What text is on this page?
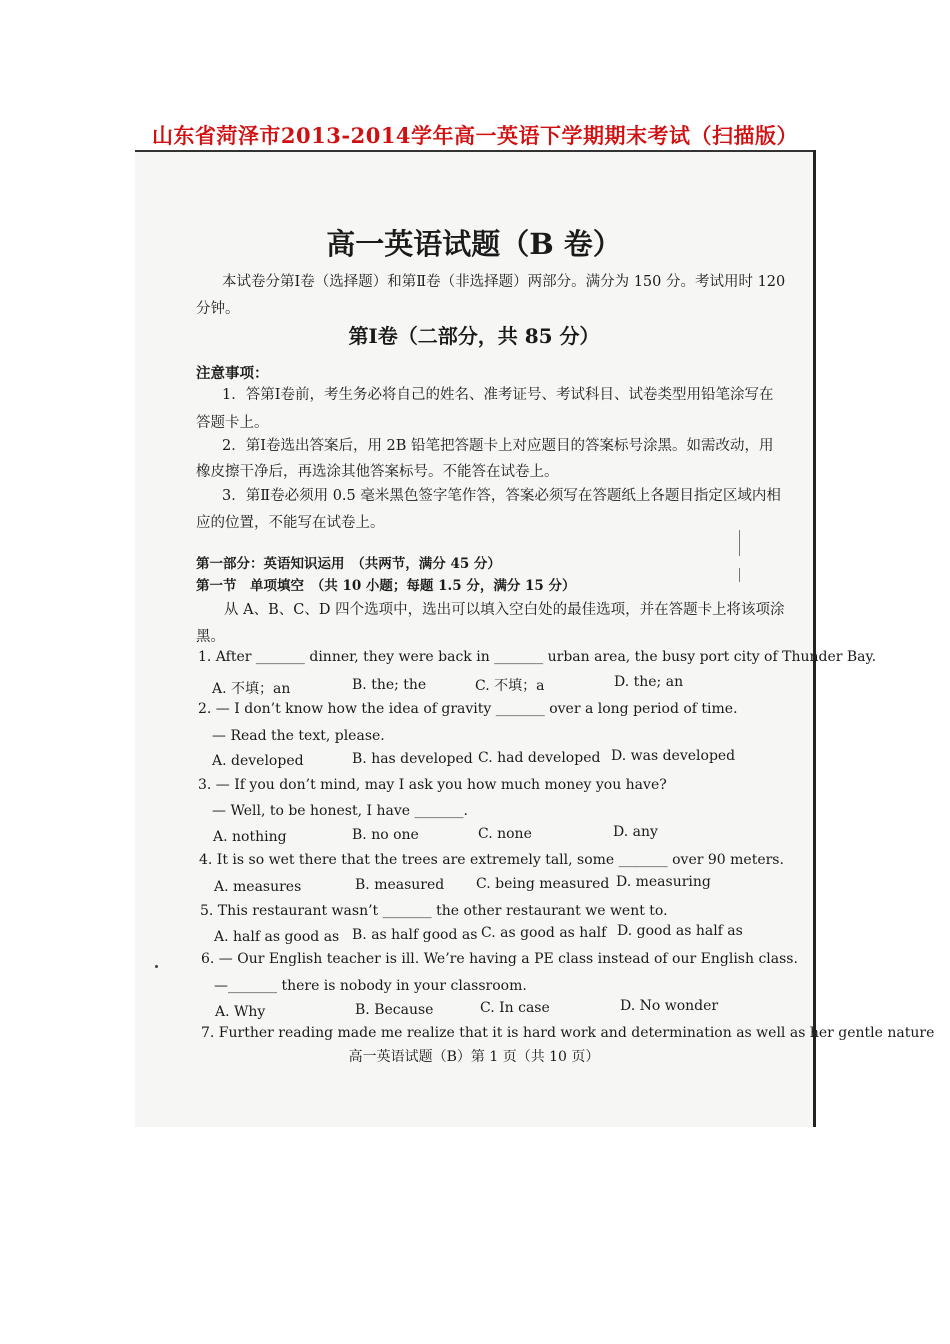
山东省菏泽市2013-2014学年高一英语下学期期末考试（扫描版）
高一英语试题（B 卷）
本试卷分第Ⅰ卷（选择题）和第Ⅱ卷（非选择题）两部分。满分为 150 分。考试用时 120
分钟。
第Ⅰ卷（二部分，共 85 分）
注意事项：
1．答第Ⅰ卷前，考生务必将自己的姓名、准考证号、考试科目、试卷类型用铅笔涂写在
答题卡上。
2．第Ⅰ卷选出答案后，用 2B 铅笔把答题卡上对应题目的答案标号涂黑。如需改动，用
橡皮擦干净后，再选涂其他答案标号。不能答在试卷上。
3．第Ⅱ卷必须用 0.5 毫米黑色签字笔作答，答案必须写在答题纸上各题目指定区域内相
应的位置，不能写在试卷上。
第一部分：英语知识运用　（共两节，满分 45 分）
第一节　单项填空　（共 10 小题；每题 1.5 分，满分 15 分）
从 A、B、C、D 四个选项中，选出可以填入空白处的最佳选项，并在答题卡上将该项涂
黑。
1. After _______ dinner, they were back in _______ urban area, the busy port city of Thunder Bay.
A. 不填；an	B. the; the	C. 不填；a	D. the; an
2. — I don’t know how the idea of gravity _______ over a long period of time.
— Read the text, please.
A. developed	B. has developed C. had developed D. was developed
3. — If you don’t mind, may I ask you how much money you have?
— Well, to be honest, I have _______.
A. nothing	B. no one	C. none	D. any
4. It is so wet there that the trees are extremely tall, some _______ over 90 meters.
A. measures	B. measured C. being measured D. measuring
5. This restaurant wasn’t _______ the other restaurant we went to.
A. half as good as B. as half good as C. as good as half D. good as half as
6. — Our English teacher is ill. We’re having a PE class instead of our English class.
—_______ there is nobody in your classroom.
A. Why	B. Because	C. In case	D. No wonder
7. Further reading made me realize that it is hard work and determination as well as her gentle nature
高一英语试题（B）第 1 页（共 10 页）
